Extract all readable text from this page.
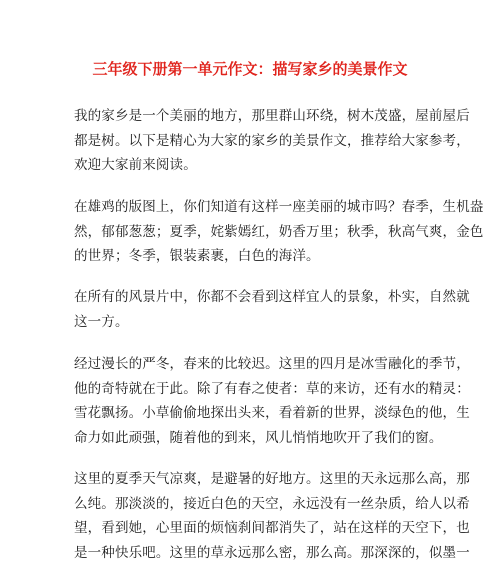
三年级下册第一单元作文：描写家乡的美景作文

我的家乡是一个美丽的地方，那里群山环绕，树木茂盛，屋前屋后
都是树。以下是精心为大家的家乡的美景作文，推荐给大家参考，
欢迎大家前来阅读。

在雄鸡的版图上，你们知道有这样一座美丽的城市吗？春季，生机盎
然，郁郁葱葱；夏季，姹紫嫣红，奶香万里；秋季，秋高气爽，金色
的世界；冬季，银装素裹，白色的海洋。

在所有的风景片中，你都不会看到这样宜人的景象，朴实，自然就
这一方。

经过漫长的严冬，春来的比较迟。这里的四月是冰雪融化的季节，
他的奇特就在于此。除了有春之使者：草的来访，还有水的精灵：
雪花飘扬。小草偷偷地探出头来，看着新的世界，淡绿色的他，生
命力如此顽强，随着他的到来，风儿悄悄地吹开了我们的窗。

这里的夏季天气凉爽，是避暑的好地方。这里的天永远那么高，那
么纯。那淡淡的，接近白色的天空，永远没有一丝杂质，给人以希
望，看到她，心里面的烦恼刹间都消失了，站在这样的天空下，也
是一种快乐吧。这里的草永远那么密，那么高。那深深的，似墨一
